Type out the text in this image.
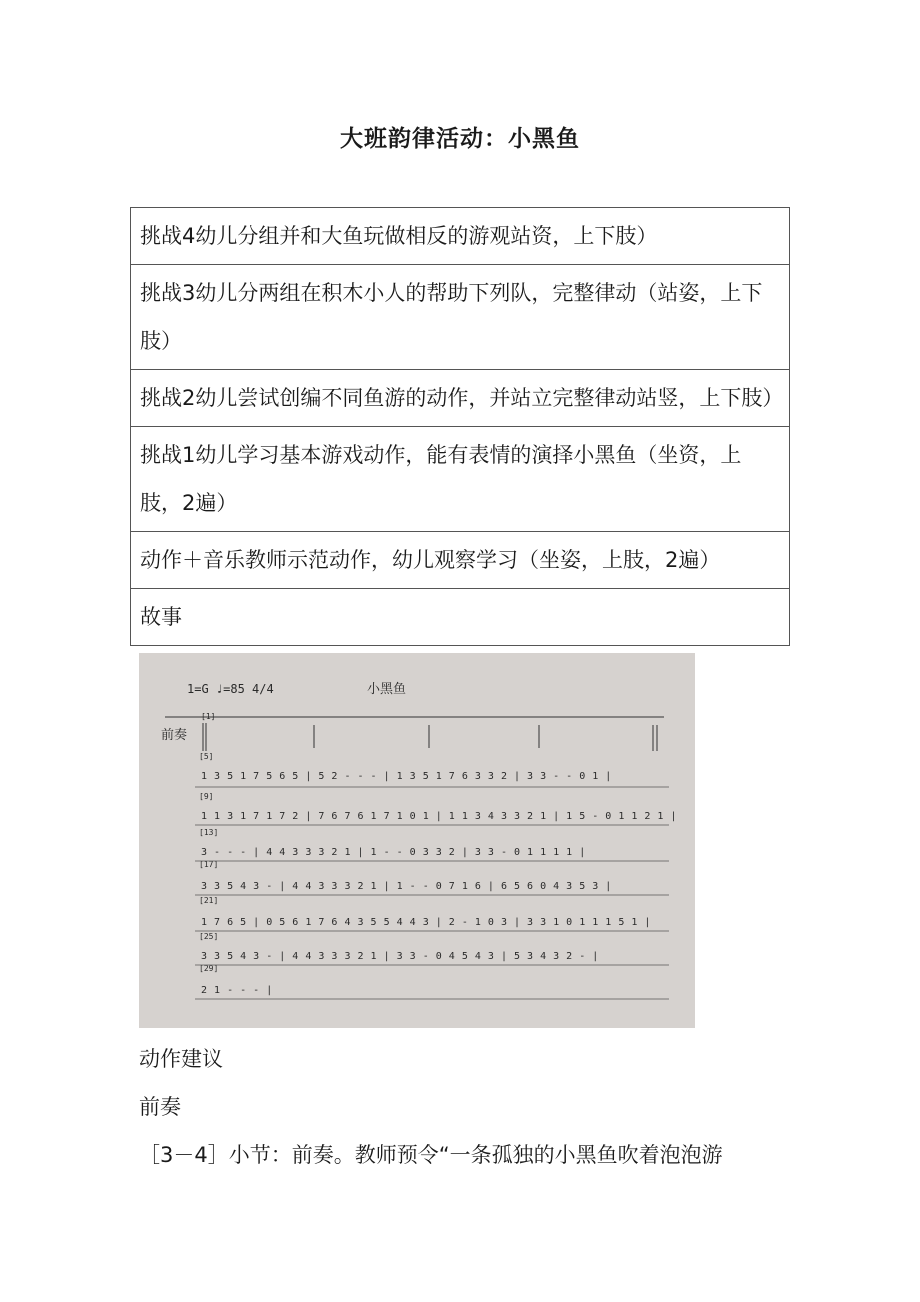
大班韵律活动：小黑鱼
挑战4幼儿分组并和大鱼玩做相反的游观站资，上下肢）
挑战3幼儿分两组在积木小人的帮助下列队，完整律动（站姿，上下肢）
挑战2幼儿尝试创编不同鱼游的动作，并站立完整律动站竖，上下肢）
挑战1幼儿学习基本游戏动作，能有表情的演择小黑鱼（坐资，上肢，2遍）
动作＋音乐教师示范动作，幼儿观察学习（坐姿，上肢，2遍）
故事
1=G ♩=85 4/4	小黑鱼
前奏
[1]
[5]
[9]
[13]
[17]
[21]
[25]
[29]
1 3 5 1 7 5 6 5 | 5 2 - - - | 1 3 5 1 7 6 3 3 2 | 3 3 - - 0 1 |
1 1 3 1 7 1 7 2 | 7 6 7 6 1 7 1 0 1 | 1 1 3 4 3 3 2 1 | 1 5 - 0 1 1 2 1 |
3 - - - | 4 4 3 3 3 2 1 | 1 - - 0 3 3 2 | 3 3 - 0 1 1 1 1 |
3 3 5 4 3 - | 4 4 3 3 3 2 1 | 1 - - 0 7 1 6 | 6 5 6 0 4 3 5 3 |
1 7 6 5 | 0 5 6 1 7 6 4 3 5 5 4 4 3 | 2 - 1 0 3 | 3 3 1 0 1 1 1 5 1 |
3 3 5 4 3 - | 4 4 3 3 3 2 1 | 3 3 - 0 4 5 4 3 | 5 3 4 3 2 - |
2 1 - - - |
动作建议
前奏
［3－4］小节：前奏。教师预令“一条孤独的小黑鱼吹着泡泡游
